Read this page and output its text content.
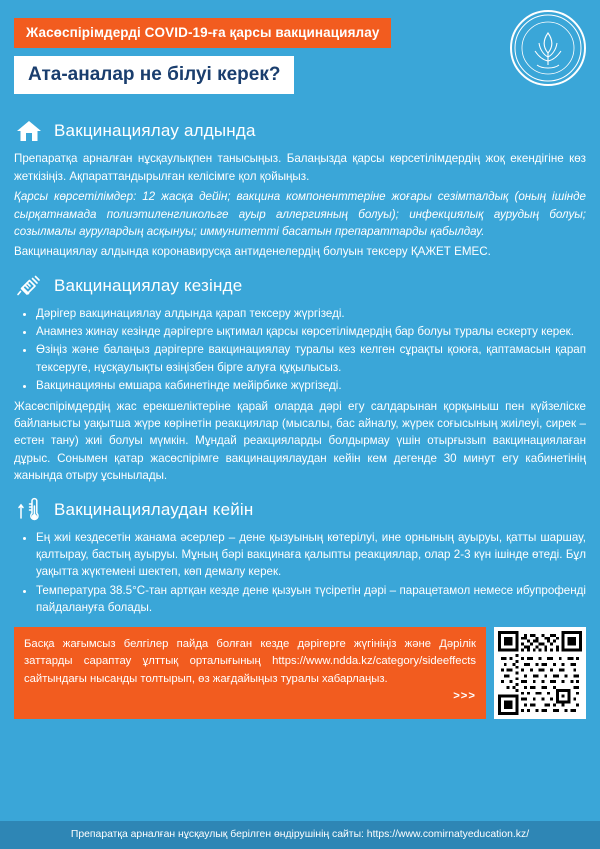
Жасөспірімдерді COVID-19-ға қарсы вакцинациялау
Ата-аналар не білуі керек?
Вакцинациялау алдында

Препаратқа арналған нұсқаулықпен танысыңыз. Балаңызда қарсы көрсетілімдердің жоқ екендігіне көз жеткізіңіз. Ақпараттандырылған келісімге қол қойыңыз.

Қарсы көрсетілімдер: 12 жасқа дейін; вакцина компоненттеріне жоғары сезімталдық (оның ішінде сырқатнамада полиэтиленгликольге ауыр аллергияның болуы); инфекциялық аурудың болуы; созылмалы аурулардың асқынуы; иммунитетті басатын препараттарды қабылдау.

Вакцинациялау алдында коронавирусқа антиденелердің болуын тексеру ҚАЖЕТ ЕМЕС.

Вакцинациялау кезінде
• Дәрігер вакцинациялау алдында қарап тексеру жүргізеді.
• Анамнез жинау кезінде дәрігерге ықтимал қарсы көрсетілімдердің бар болуы туралы ескерту керек.
• Өзіңіз және балаңыз дәрігерге вакцинациялау туралы кез келген сұрақты қоюға, қаптамасын қарап тексеруге, нұсқаулықты өзіңізбен бірге алуға құқылысыз.
• Вакцинацияны емшара кабинетінде мейірбике жүргізеді.

Жасөспірімдердің жас ерекшеліктеріне қарай оларда дәрі егу салдарынан қорқыныш пен күйзеліске байланысты уақытша жүре көрінетін реакциялар (мысалы, бас айналу, жүрек соғысының жиілеуі, сирек – естен тану) жиі болуы мүмкін. Мұндай реакцияларды болдырмау үшін отырғызып вакцинациялаған дұрыс. Сонымен қатар жасөспірімге вакцинациялаудан кейін кем дегенде 30 минут егу кабинетінің жанында отыру ұсынылады.

Вакцинациялаудан кейін
• Ең жиі кездесетін жанама әсерлер – дене қызуының көтерілуі, ине орнының ауыруы, қатты шаршау, қалтырау, бастың ауыруы. Мұның бәрі вакцинаға қалыпты реакциялар, олар 2-3 күн ішінде өтеді. Бұл уақытта жүктемені шектеп, көп демалу керек.
• Температура 38.5°C-тан артқан кезде дене қызуын түсіретін дәрі – парацетамол немесе ибупрофенді пайдалануға болады.
Басқа жағымсыз белгілер пайда болған кезде дәрігерге жүгініңіз және Дәрілік заттарды сараптау ұлттық орталығының https://www.ndda.kz/category/sideeffects сайтындағы нысанды толтырып, өз жағдайыңыз туралы хабарлаңыз.
>>>
Препаратқа арналған нұсқаулық берілген өндірушінің сайты: https://www.comirnatyeducation.kz/
